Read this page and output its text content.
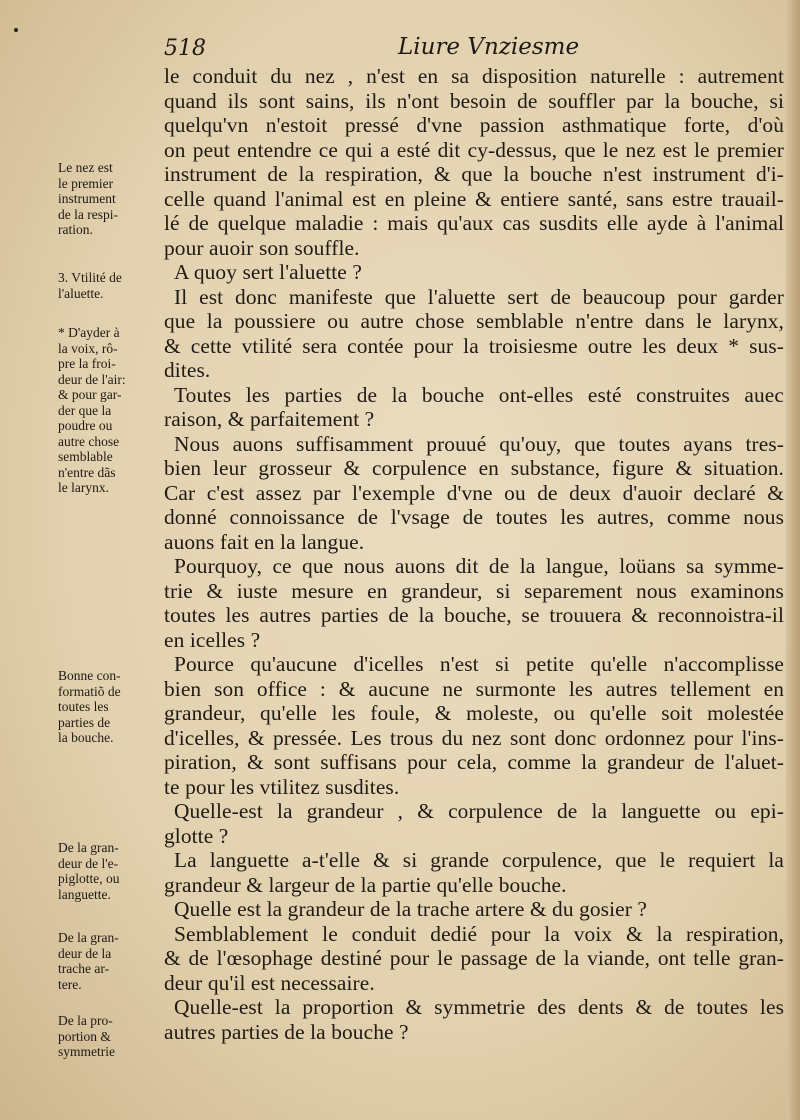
518	Liure Vnziesme
le conduit du nez , n'est en sa disposition naturelle : autrement
quand ils sont sains, ils n'ont besoin de souffler par la bouche, si
quelqu'vn n'estoit pressé d'vne passion asthmatique forte, d'où
on peut entendre ce qui a esté dit cy-dessus, que le nez est le premier
instrument de la respiration, & que la bouche n'est instrument d'i-
celle quand l'animal est en pleine & entiere santé, sans estre trauail-
lé de quelque maladie : mais qu'aux cas susdits elle ayde à l'animal
pour auoir son souffle.
A quoy sert l'aluette ?
Il est donc manifeste que l'aluette sert de beaucoup pour garder
que la poussiere ou autre chose semblable n'entre dans le larynx,
& cette vtilité sera contée pour la troisiesme outre les deux * sus-
dites.
Toutes les parties de la bouche ont-elles esté construites auec
raison, & parfaitement ?
Nous auons suffisamment prouué qu'ouy, que toutes ayans tres-
bien leur grosseur & corpulence en substance, figure & situation.
Car c'est assez par l'exemple d'vne ou de deux d'auoir declaré &
donné connoissance de l'vsage de toutes les autres, comme nous
auons fait en la langue.
Pourquoy, ce que nous auons dit de la langue, loüans sa symme-
trie & iuste mesure en grandeur, si separement nous examinons
toutes les autres parties de la bouche, se trouuera & reconnoistra-il
en icelles ?
Pource qu'aucune d'icelles n'est si petite qu'elle n'accomplisse
bien son office : & aucune ne surmonte les autres tellement en
grandeur, qu'elle les foule, & moleste, ou qu'elle soit molestée
d'icelles, & pressée. Les trous du nez sont donc ordonnez pour l'ins-
piration, & sont suffisans pour cela, comme la grandeur de l'aluet-
te pour les vtilitez susdites.
Quelle-est la grandeur , & corpulence de la languette ou epi-
glotte ?
La languette a-t'elle & si grande corpulence, que le requiert la
grandeur & largeur de la partie qu'elle bouche.
Quelle est la grandeur de la trache artere & du gosier ?
Semblablement le conduit dedié pour la voix & la respiration,
& de l'œsophage destiné pour le passage de la viande, ont telle gran-
deur qu'il est necessaire.
Quelle-est la proportion & symmetrie des dents & de toutes les
autres parties de la bouche ?
Le nez est
le premier
instrument
de la respi-
ration.
3. Vtilité de
l'aluette.
* D'ayder à
la voix, rô-
pre la froi-
deur de l'air:
& pour gar-
der que la
poudre ou
autre chose
semblable
n'entre dãs
le larynx.
Bonne con-
formatiõ de
toutes les
parties de
la bouche.
De la gran-
deur de l'e-
piglotte, ou
languette.
De la gran-
deur de la
trache ar-
tere.
De la pro-
portion &
symmetrie
